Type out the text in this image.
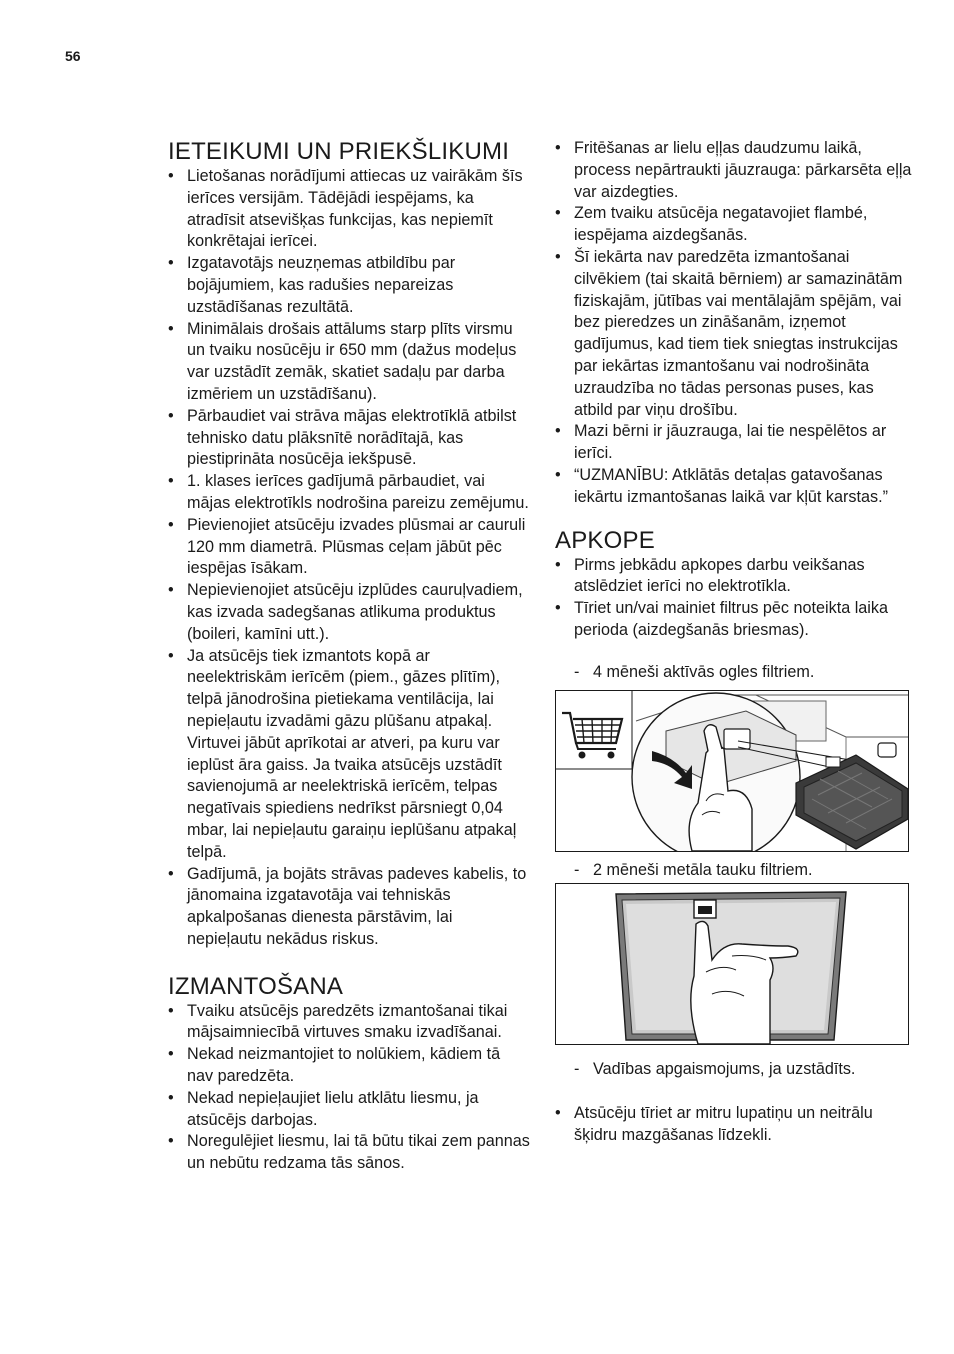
56
IETEIKUMI UN PRIEKŠLIKUMI
• Lietošanas norādījumi attiecas uz vairākām šīs ierīces versijām. Tādējādi iespējams, ka atradīsit atsevišķas funkcijas, kas nepiemīt konkrētajai ierīcei.
• Izgatavotājs neuzņemas atbildību par bojājumiem, kas radušies nepareizas uzstādīšanas rezultātā.
• Minimālais drošais attālums starp plīts virsmu un tvaiku nosūcēju ir 650 mm (dažus modeļus var uzstādīt zemāk, skatiet sadaļu par darba izmēriem un uzstādīšanu).
• Pārbaudiet vai strāva mājas elektrotīklā atbilst tehnisko datu plāksnītē norādītajā, kas piestiprināta nosūcēja iekšpusē.
• 1. klases ierīces gadījumā pārbaudiet, vai mājas elektrotīkls nodrošina pareizu zemējumu.
• Pievienojiet atsūcēju izvades plūsmai ar cauruli 120 mm diametrā. Plūsmas ceļam jābūt pēc iespējas īsākam.
• Nepievienojiet atsūcēju izplūdes cauruļvadiem, kas izvada sadegšanas atlikuma produktus (boileri, kamīni utt.).
• Ja atsūcējs tiek izmantots kopā ar neelektriskām ierīcēm (piem., gāzes plītīm), telpā jānodrošina pietiekama ventilācija, lai nepieļautu izvadāmi gāzu plūšanu atpakaļ. Virtuvei jābūt aprīkotai ar atveri, pa kuru var ieplūst āra gaiss. Ja tvaika atsūcējs uzstādīt savienojumā ar neelektriskā ierīcēm, telpas negatīvais spiediens nedrīkst pārsniegt 0,04 mbar, lai nepieļautu garaiņu ieplūšanu atpakaļ telpā.
• Gadījumā, ja bojāts strāvas padeves kabelis, to jānomaina izgatavotāja vai tehniskās apkalpošanas dienesta pārstāvim, lai nepieļautu nekādus riskus.
IZMANTOŠANA
• Tvaiku atsūcējs paredzēts izmantošanai tikai mājsaimniecībā virtuves smaku izvadīšanai.
• Nekad neizmantojiet to nolūkiem, kādiem tā nav paredzēta.
• Nekad nepieļaujiet lielu atklātu liesmu, ja atsūcējs darbojas.
• Noregulējiet liesmu, lai tā būtu tikai zem pannas un nebūtu redzama tās sānos.
• Fritēšanas ar lielu eļļas daudzumu laikā, process nepārtraukti jāuzrauga: pārkarsēta eļļa var aizdegties.
• Zem tvaiku atsūcēja negatavojiet flambé, iespējama aizdegšanās.
• Šī iekārta nav paredzēta izmantošanai cilvēkiem (tai skaitā bērniem) ar samazinātām fiziskajām, jūtības vai mentālajām spējām, vai bez pieredzes un zināšanām, izņemot gadījumus, kad tiem tiek sniegtas instrukcijas par iekārtas izmantošanu vai nodrošināta uzraudzība no tādas personas puses, kas atbild par viņu drošību.
• Mazi bērni ir jāuzrauga, lai tie nespēlētos ar ierīci.
• “UZMANĪBU: Atklātās detaļas gatavošanas iekārtu izmantošanas laikā var kļūt karstas.”
APKOPE
• Pirms jebkādu apkopes darbu veikšanas atslēdziet ierīci no elektrotīkla.
• Tīriet un/vai mainiet filtrus pēc noteikta laika perioda (aizdegšanās briesmas).
- 4 mēneši aktīvās ogles filtriem.
- 2 mēneši metāla tauku filtriem.
- Vadības apgaismojums, ja uzstādīts.
• Atsūcēju tīriet ar mitru lupatiņu un neitrālu šķidru mazgāšanas līdzekli.
